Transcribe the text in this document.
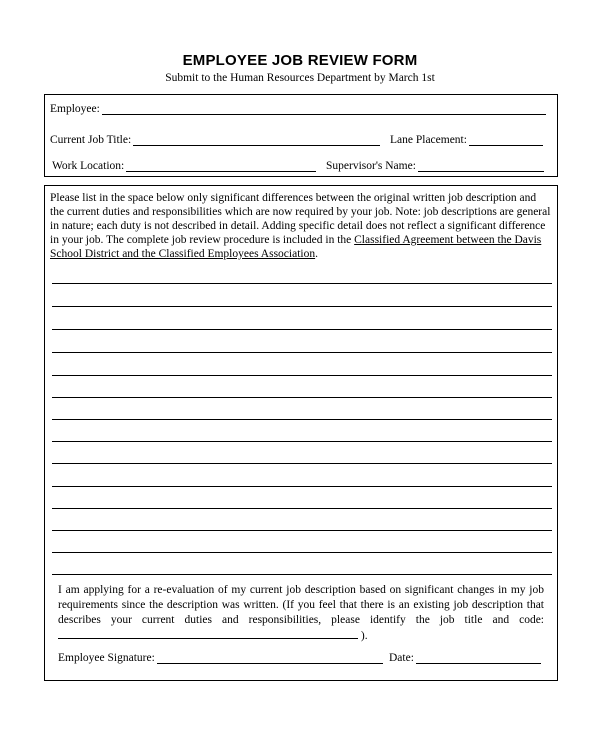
EMPLOYEE JOB REVIEW FORM
Submit to the Human Resources Department by March 1st
Employee:
Current Job Title:	Lane Placement:
Work Location:	Supervisor's Name:
Please list in the space below only significant differences between the original written job description and the current duties and responsibilities which are now required by your job. Note: job descriptions are general in nature; each duty is not described in detail. Adding specific detail does not reflect a significant difference in your job. The complete job review procedure is included in the Classified Agreement between the Davis School District and the Classified Employees Association.
I am applying for a re-evaluation of my current job description based on significant changes in my job requirements since the description was written. (If you feel that there is an existing job description that describes your current duties and responsibilities, please identify the job title and code:  ).
Employee Signature:	Date:
